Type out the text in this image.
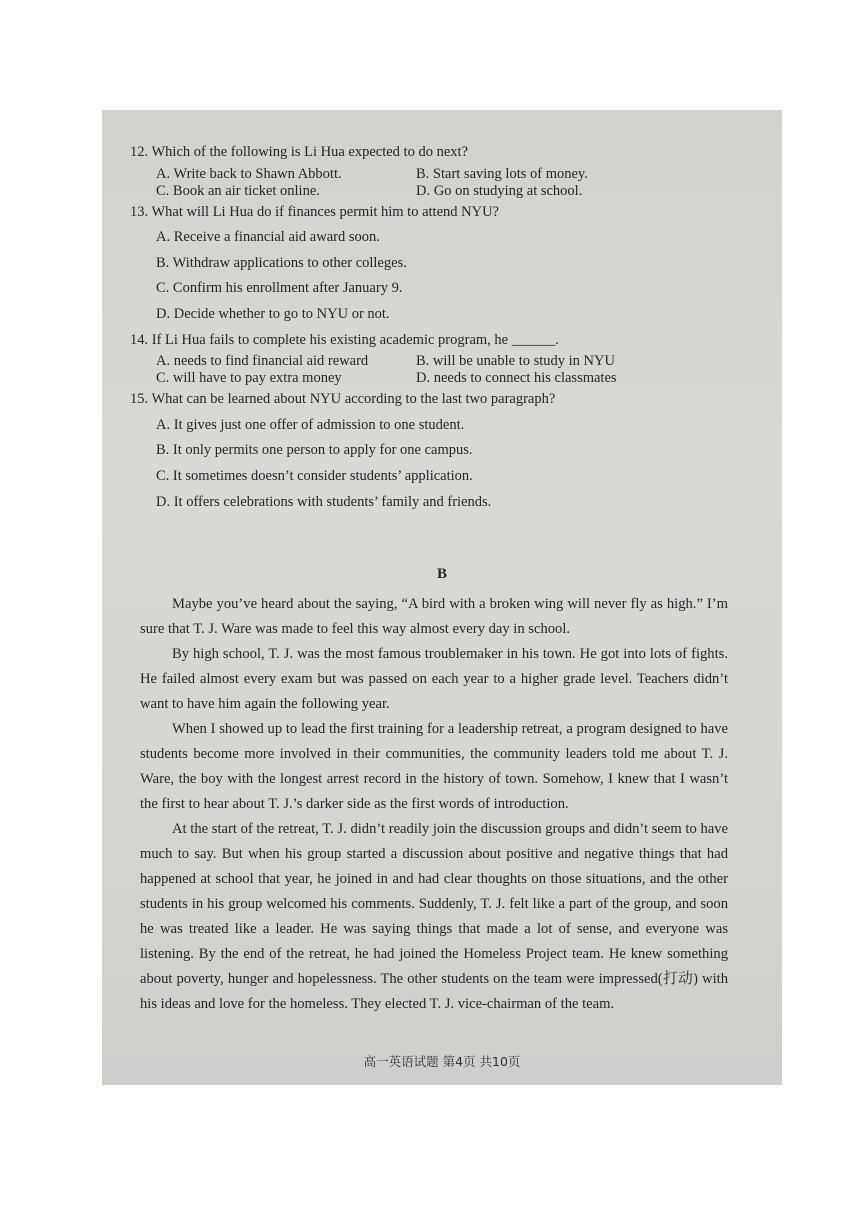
12. Which of the following is Li Hua expected to do next?
A. Write back to Shawn Abbott.	B. Start saving lots of money.
C. Book an air ticket online.	D. Go on studying at school.
13. What will Li Hua do if finances permit him to attend NYU?
A. Receive a financial aid award soon.
B. Withdraw applications to other colleges.
C. Confirm his enrollment after January 9.
D. Decide whether to go to NYU or not.
14. If Li Hua fails to complete his existing academic program, he ______.
A. needs to find financial aid reward	B. will be unable to study in NYU
C. will have to pay extra money	D. needs to connect his classmates
15. What can be learned about NYU according to the last two paragraph?
A. It gives just one offer of admission to one student.
B. It only permits one person to apply for one campus.
C. It sometimes doesn’t consider students’ application.
D. It offers celebrations with students’ family and friends.
B

Maybe you’ve heard about the saying, “A bird with a broken wing will never fly as high.” I’m sure that T. J. Ware was made to feel this way almost every day in school.

By high school, T. J. was the most famous troublemaker in his town. He got into lots of fights. He failed almost every exam but was passed on each year to a higher grade level. Teachers didn’t want to have him again the following year.

When I showed up to lead the first training for a leadership retreat, a program designed to have students become more involved in their communities, the community leaders told me about T. J. Ware, the boy with the longest arrest record in the history of town. Somehow, I knew that I wasn’t the first to hear about T. J.’s darker side as the first words of introduction.

At the start of the retreat, T. J. didn’t readily join the discussion groups and didn’t seem to have much to say. But when his group started a discussion about positive and negative things that had happened at school that year, he joined in and had clear thoughts on those situations, and the other students in his group welcomed his comments. Suddenly, T. J. felt like a part of the group, and soon he was treated like a leader. He was saying things that made a lot of sense, and everyone was listening. By the end of the retreat, he had joined the Homeless Project team. He knew something about poverty, hunger and hopelessness. The other students on the team were impressed(打动) with his ideas and love for the homeless. They elected T. J. vice-chairman of the team.

高一英语试题 第4页 共10页
